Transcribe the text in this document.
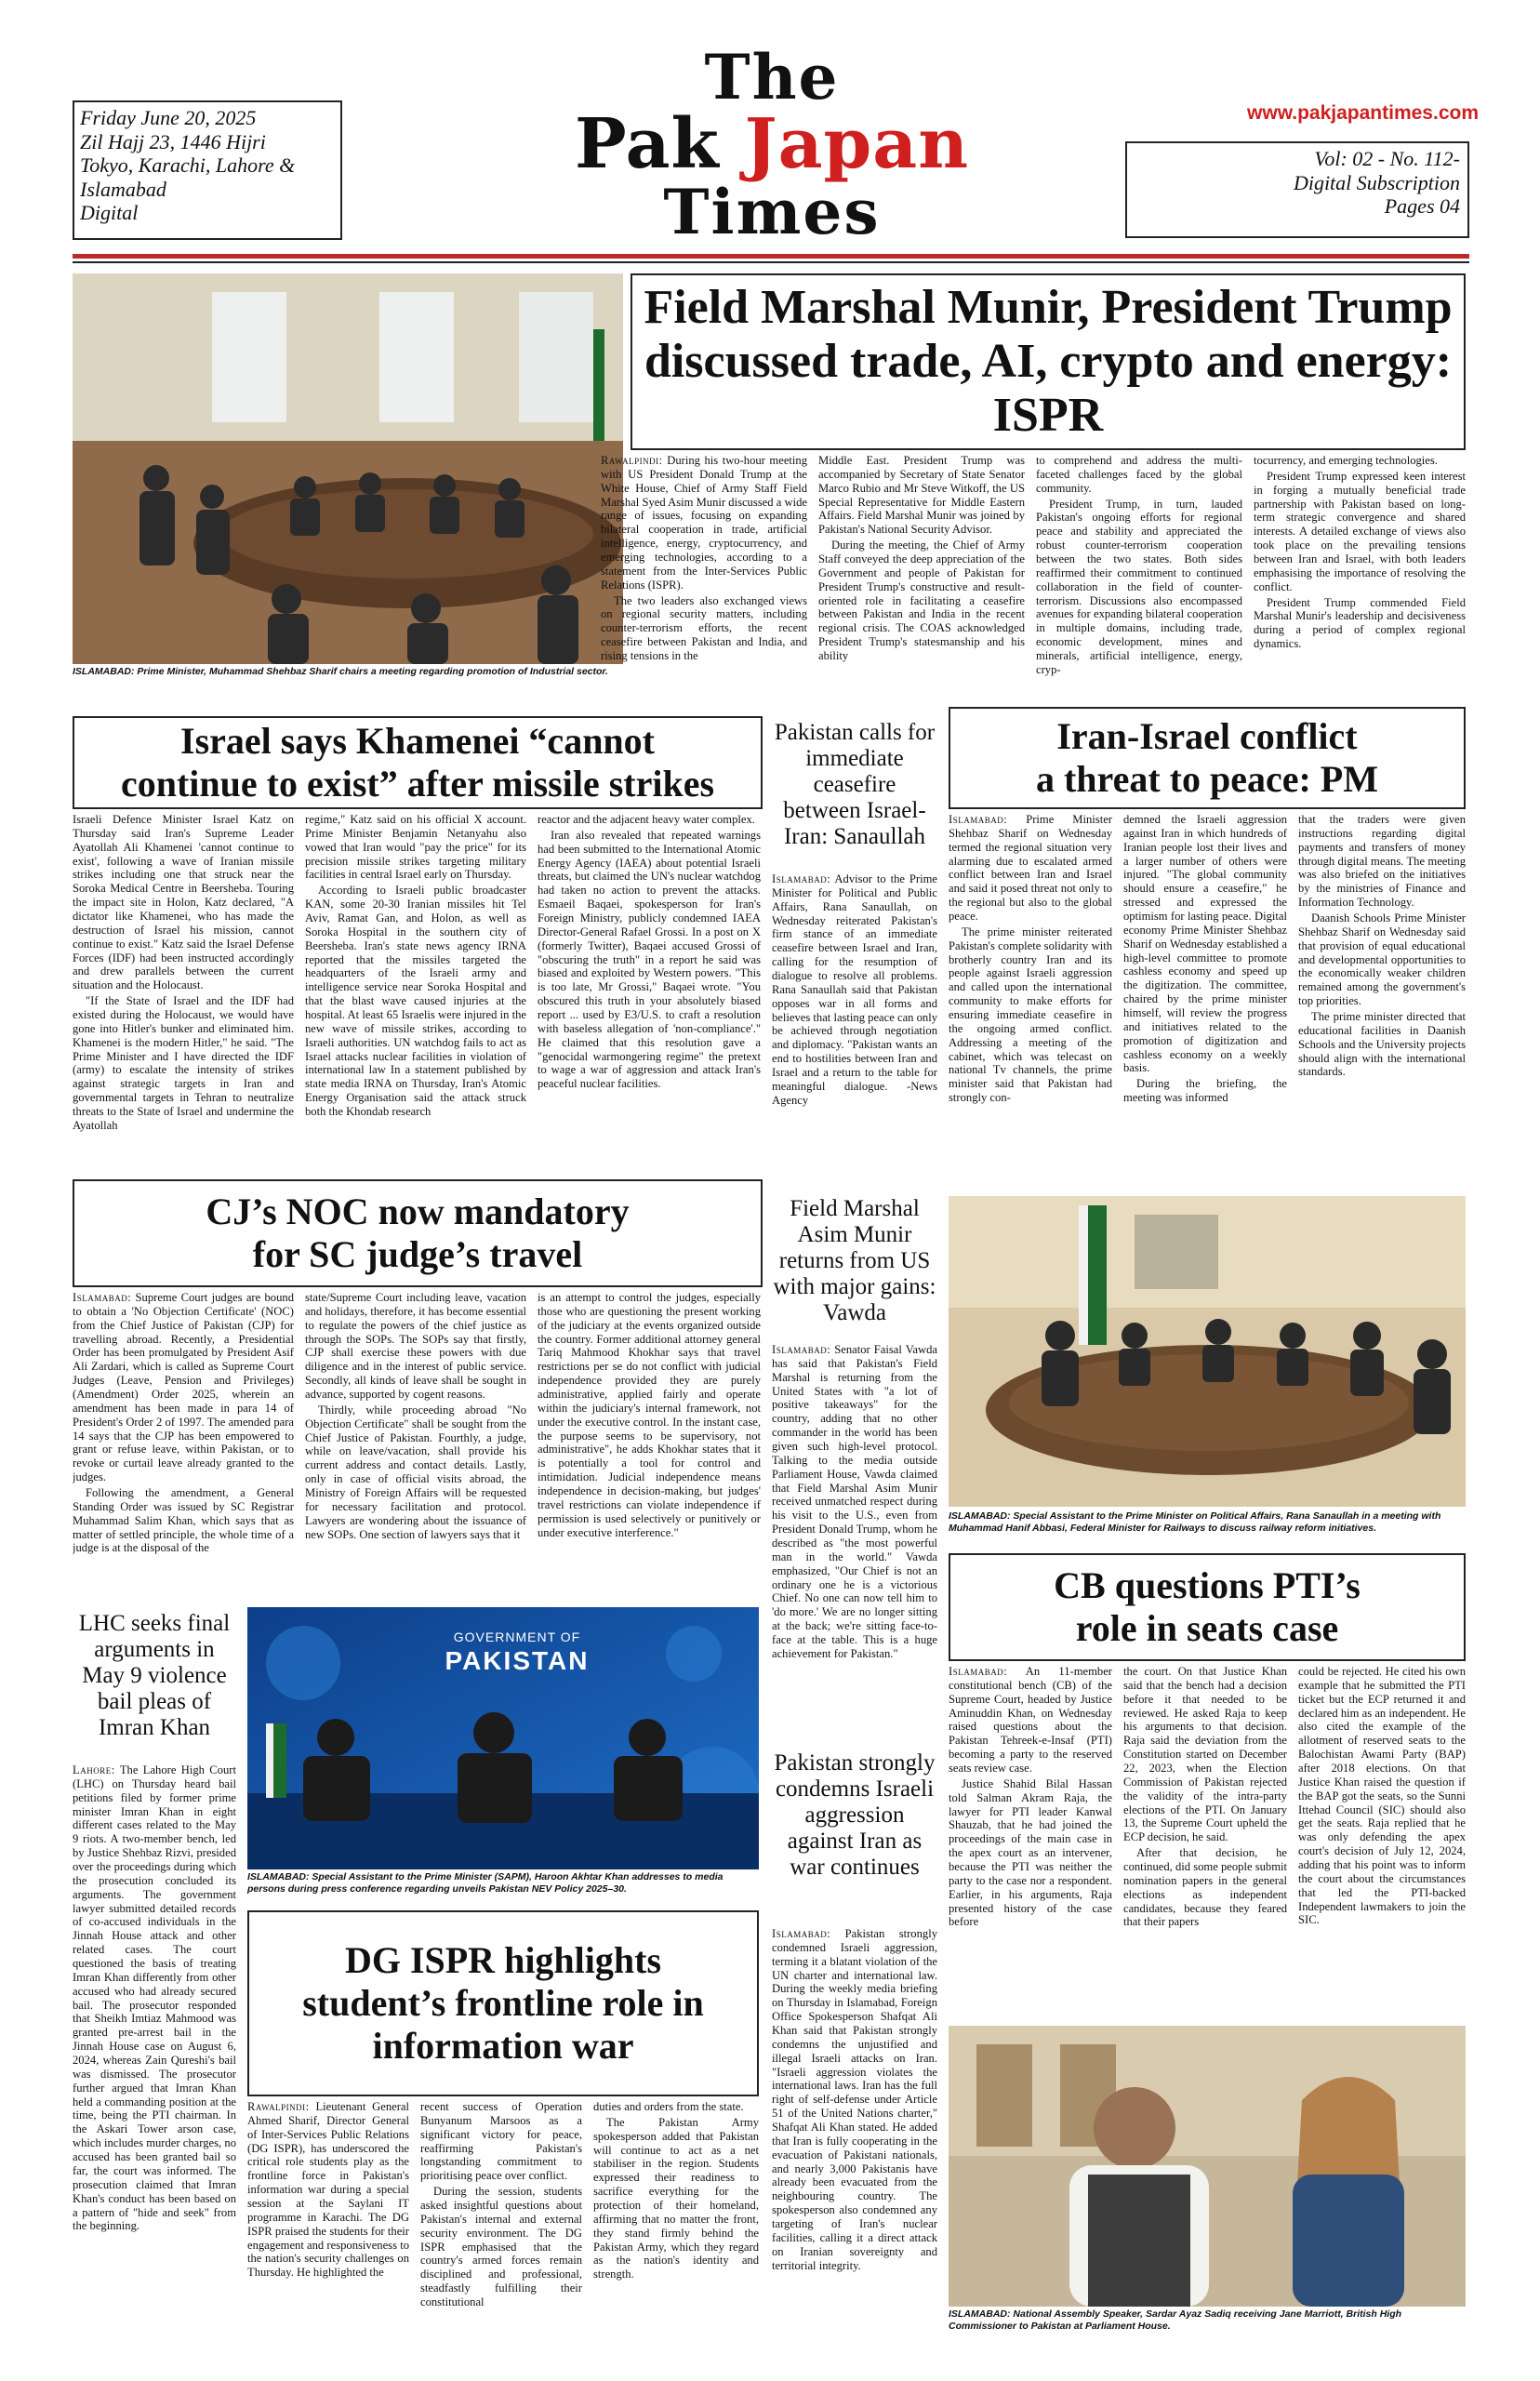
Friday June 20, 2025
Zil Hajj 23, 1446 Hijri
Tokyo, Karachi, Lahore &
Islamabad
Digital
The
Pak Japan
Times
www.pakjapantimes.com
Vol: 02 - No. 112-
Digital Subscription
Pages 04
ISLAMABAD: Prime Minister, Muhammad Shehbaz Sharif chairs a meeting regarding promotion of Industrial sector.
Field Marshal Munir, President Trump discussed trade, AI, crypto and energy: ISPR

Rawalpindi: During his two-hour meeting with US President Donald Trump at the White House, Chief of Army Staff Field Marshal Syed Asim Munir discussed a wide range of issues, focusing on expanding bilateral cooperation in trade, artificial intelligence, energy, cryptocurrency, and emerging technologies, according to a statement from the Inter-Services Public Relations (ISPR).

The two leaders also exchanged views on regional security matters, including counter-terrorism efforts, the recent ceasefire between Pakistan and India, and rising tensions in the

Middle East. President Trump was accompanied by Secretary of State Senator Marco Rubio and Mr Steve Witkoff, the US Special Representative for Middle Eastern Affairs. Field Marshal Munir was joined by Pakistan's National Security Advisor.

During the meeting, the Chief of Army Staff conveyed the deep appreciation of the Government and people of Pakistan for President Trump's constructive and result-oriented role in facilitating a ceasefire between Pakistan and India in the recent regional crisis. The COAS acknowledged President Trump's statesmanship and his ability

to comprehend and address the multi-faceted challenges faced by the global community.

President Trump, in turn, lauded Pakistan's ongoing efforts for regional peace and stability and appreciated the robust counter-terrorism cooperation between the two states. Both sides reaffirmed their commitment to continued collaboration in the field of counter-terrorism. Discussions also encompassed avenues for expanding bilateral cooperation in multiple domains, including trade, economic development, mines and minerals, artificial intelligence, energy, cryp-

tocurrency, and emerging technologies.

President Trump expressed keen interest in forging a mutually beneficial trade partnership with Pakistan based on long-term strategic convergence and shared interests. A detailed exchange of views also took place on the prevailing tensions between Iran and Israel, with both leaders emphasising the importance of resolving the conflict.

President Trump commended Field Marshal Munir's leadership and decisiveness during a period of complex regional dynamics.

Israel says Khamenei “cannot
continue to exist” after missile strikes

Israeli Defence Minister Israel Katz on Thursday said Iran's Supreme Leader Ayatollah Ali Khamenei 'cannot continue to exist', following a wave of Iranian missile strikes including one that struck near the Soroka Medical Centre in Beersheba. Touring the impact site in Holon, Katz declared, "A dictator like Khamenei, who has made the destruction of Israel his mission, cannot continue to exist." Katz said the Israel Defense Forces (IDF) had been instructed accordingly and drew parallels between the current situation and the Holocaust.

"If the State of Israel and the IDF had existed during the Holocaust, we would have gone into Hitler's bunker and eliminated him. Khamenei is the modern Hitler," he said. "The Prime Minister and I have directed the IDF (army) to escalate the intensity of strikes against strategic targets in Iran and governmental targets in Tehran to neutralize threats to the State of Israel and undermine the Ayatollah

regime," Katz said on his official X account. Prime Minister Benjamin Netanyahu also vowed that Iran would "pay the price" for its precision missile strikes targeting military facilities in central Israel early on Thursday.

According to Israeli public broadcaster KAN, some 20-30 Iranian missiles hit Tel Aviv, Ramat Gan, and Holon, as well as Soroka Hospital in the southern city of Beersheba. Iran's state news agency IRNA reported that the missiles targeted the headquarters of the Israeli army and intelligence service near Soroka Hospital and that the blast wave caused injuries at the hospital. At least 65 Israelis were injured in the new wave of missile strikes, according to Israeli authorities. UN watchdog fails to act as Israel attacks nuclear facilities in violation of international law In a statement published by state media IRNA on Thursday, Iran's Atomic Energy Organisation said the attack struck both the Khondab research

reactor and the adjacent heavy water complex.

Iran also revealed that repeated warnings had been submitted to the International Atomic Energy Agency (IAEA) about potential Israeli threats, but claimed the UN's nuclear watchdog had taken no action to prevent the attacks. Esmaeil Baqaei, spokesperson for Iran's Foreign Ministry, publicly condemned IAEA Director-General Rafael Grossi. In a post on X (formerly Twitter), Baqaei accused Grossi of "obscuring the truth" in a report he said was biased and exploited by Western powers. "This is too late, Mr Grossi," Baqaei wrote. "You obscured this truth in your absolutely biased report ... used by E3/U.S. to craft a resolution with baseless allegation of 'non-compliance'." He claimed that this resolution gave a "genocidal warmongering regime" the pretext to wage a war of aggression and attack Iran's peaceful nuclear facilities.

Pakistan calls for immediate ceasefire between Israel-Iran: Sanaullah

Islamabad: Advisor to the Prime Minister for Political and Public Affairs, Rana Sanaullah, on Wednesday reiterated Pakistan's firm stance of an immediate ceasefire between Israel and Iran, calling for the resumption of dialogue to resolve all problems. Rana Sanaullah said that Pakistan opposes war in all forms and believes that lasting peace can only be achieved through negotiation and diplomacy. "Pakistan wants an end to hostilities between Iran and Israel and a return to the table for meaningful dialogue. -News Agency

Iran-Israel conflict
a threat to peace: PM

Islamabad: Prime Minister Shehbaz Sharif on Wednesday termed the regional situation very alarming due to escalated armed conflict between Iran and Israel and said it posed threat not only to the regional but also to the global peace.

The prime minister reiterated Pakistan's complete solidarity with brotherly country Iran and its people against Israeli aggression and called upon the international community to make efforts for ensuring immediate ceasefire in the ongoing armed conflict. Addressing a meeting of the cabinet, which was telecast on national Tv channels, the prime minister said that Pakistan had strongly con-

demned the Israeli aggression against Iran in which hundreds of Iranian people lost their lives and a larger number of others were injured. "The global community should ensure a ceasefire," he stressed and expressed the optimism for lasting peace. Digital economy Prime Minister Shehbaz Sharif on Wednesday established a high-level committee to promote cashless economy and speed up the digitization. The committee, chaired by the prime minister himself, will review the progress and initiatives related to the promotion of digitization and cashless economy on a weekly basis.

During the briefing, the meeting was informed

that the traders were given instructions regarding digital payments and transfers of money through digital means. The meeting was also briefed on the initiatives by the ministries of Finance and Information Technology.

Daanish Schools Prime Minister Shehbaz Sharif on Wednesday said that provision of equal educational and developmental opportunities to the economically weaker children remained among the government's top priorities.

The prime minister directed that educational facilities in Daanish Schools and the University projects should align with the international standards.

CJ’s NOC now mandatory
for SC judge’s travel

Islamabad: Supreme Court judges are bound to obtain a 'No Objection Certificate' (NOC) from the Chief Justice of Pakistan (CJP) for travelling abroad. Recently, a Presidential Order has been promulgated by President Asif Ali Zardari, which is called as Supreme Court Judges (Leave, Pension and Privileges) (Amendment) Order 2025, wherein an amendment has been made in para 14 of President's Order 2 of 1997. The amended para 14 says that the CJP has been empowered to grant or refuse leave, within Pakistan, or to revoke or curtail leave already granted to the judges.

Following the amendment, a General Standing Order was issued by SC Registrar Muhammad Salim Khan, which says that as matter of settled principle, the whole time of a judge is at the disposal of the

state/Supreme Court including leave, vacation and holidays, therefore, it has become essential to regulate the powers of the chief justice as through the SOPs. The SOPs say that firstly, CJP shall exercise these powers with due diligence and in the interest of public service. Secondly, all kinds of leave shall be sought in advance, supported by cogent reasons.

Thirdly, while proceeding abroad "No Objection Certificate" shall be sought from the Chief Justice of Pakistan. Fourthly, a judge, while on leave/vacation, shall provide his current address and contact details. Lastly, only in case of official visits abroad, the Ministry of Foreign Affairs will be requested for necessary facilitation and protocol. Lawyers are wondering about the issuance of new SOPs. One section of lawyers says that it

is an attempt to control the judges, especially those who are questioning the present working of the judiciary at the events organized outside the country. Former additional attorney general Tariq Mahmood Khokhar says that travel restrictions per se do not conflict with judicial independence provided they are purely administrative, applied fairly and operate within the judiciary's internal framework, not under the executive control. In the instant case, the purpose seems to be supervisory, not administrative", he adds Khokhar states that it is potentially a tool for control and intimidation. Judicial independence means independence in decision-making, but judges' travel restrictions can violate independence if permission is used selectively or punitively or under executive interference."

Field Marshal Asim Munir returns from US with major gains: Vawda

Islamabad: Senator Faisal Vawda has said that Pakistan's Field Marshal is returning from the United States with "a lot of positive takeaways" for the country, adding that no other commander in the world has been given such high-level protocol. Talking to the media outside Parliament House, Vawda claimed that Field Marshal Asim Munir received unmatched respect during his visit to the U.S., even from President Donald Trump, whom he described as "the most powerful man in the world." Vawda emphasized, "Our Chief is not an ordinary one he is a victorious Chief. No one can now tell him to 'do more.' We are no longer sitting at the back; we're sitting face-to-face at the table. This is a huge achievement for Pakistan."

ISLAMABAD: Special Assistant to the Prime Minister on Political Affairs, Rana Sanaullah in a meeting with Muhammad Hanif Abbasi, Federal Minister for Railways to discuss railway reform initiatives.
CB questions PTI’s
role in seats case

Islamabad: An 11-member constitutional bench (CB) of the Supreme Court, headed by Justice Aminuddin Khan, on Wednesday raised questions about the Pakistan Tehreek-e-Insaf (PTI) becoming a party to the reserved seats review case.

Justice Shahid Bilal Hassan told Salman Akram Raja, the lawyer for PTI leader Kanwal Shauzab, that he had joined the proceedings of the main case in the apex court as an intervener, because the PTI was neither the party to the case nor a respondent. Earlier, in his arguments, Raja presented history of the case before

the court. On that Justice Khan said that the bench had a decision before it that needed to be reviewed. He asked Raja to keep his arguments to that decision. Raja said the deviation from the Constitution started on December 22, 2023, when the Election Commission of Pakistan rejected the validity of the intra-party elections of the PTI. On January 13, the Supreme Court upheld the ECP decision, he said.

After that decision, he continued, did some people submit nomination papers in the general elections as independent candidates, because they feared that their papers

could be rejected. He cited his own example that he submitted the PTI ticket but the ECP returned it and declared him as an independent. He also cited the example of the allotment of reserved seats to the Balochistan Awami Party (BAP) after 2018 elections. On that Justice Khan raised the question if the BAP got the seats, so the Sunni Ittehad Council (SIC) should also get the seats. Raja replied that he was only defending the apex court's decision of July 12, 2024, adding that his point was to inform the court about the circumstances that led the PTI-backed Independent lawmakers to join the SIC.

LHC seeks final arguments in May 9 violence bail pleas of Imran Khan

Lahore: The Lahore High Court (LHC) on Thursday heard bail petitions filed by former prime minister Imran Khan in eight different cases related to the May 9 riots. A two-member bench, led by Justice Shehbaz Rizvi, presided over the proceedings during which the prosecution concluded its arguments. The government lawyer submitted detailed records of co-accused individuals in the Jinnah House attack and other related cases. The court questioned the basis of treating Imran Khan differently from other accused who had already secured bail. The prosecutor responded that Sheikh Imtiaz Mahmood was granted pre-arrest bail in the Jinnah House case on August 6, 2024, whereas Zain Qureshi's bail was dismissed. The prosecutor further argued that Imran Khan held a commanding position at the time, being the PTI chairman. In the Askari Tower arson case, which includes murder charges, no accused has been granted bail so far, the court was informed. The prosecution claimed that Imran Khan's conduct has been based on a pattern of "hide and seek" from the beginning.

GOVERNMENT OF
PAKISTAN
ISLAMABAD: Special Assistant to the Prime Minister (SAPM), Haroon Akhtar Khan addresses to media persons during press conference regarding unveils Pakistan NEV Policy 2025–30.
Pakistan strongly condemns Israeli aggression against Iran as war continues

Islamabad: Pakistan strongly condemned Israeli aggression, terming it a blatant violation of the UN charter and international law. During the weekly media briefing on Thursday in Islamabad, Foreign Office Spokesperson Shafqat Ali Khan said that Pakistan strongly condemns the unjustified and illegal Israeli attacks on Iran. "Israeli aggression violates the international laws. Iran has the full right of self-defense under Article 51 of the United Nations charter," Shafqat Ali Khan stated. He added that Iran is fully cooperating in the evacuation of Pakistani nationals, and nearly 3,000 Pakistanis have already been evacuated from the neighbouring country. The spokesperson also condemned any targeting of Iran's nuclear facilities, calling it a direct attack on Iranian sovereignty and territorial integrity.

DG ISPR highlights
student’s frontline role in
information war

Rawalpindi: Lieutenant General Ahmed Sharif, Director General of Inter-Services Public Relations (DG ISPR), has underscored the critical role students play as the frontline force in Pakistan's information war during a special session at the Saylani IT programme in Karachi. The DG ISPR praised the students for their engagement and responsiveness to the nation's security challenges on Thursday. He highlighted the

recent success of Operation Bunyanum Marsoos as a significant victory for peace, reaffirming Pakistan's longstanding commitment to prioritising peace over conflict.

During the session, students asked insightful questions about Pakistan's internal and external security environment. The DG ISPR emphasised that the country's armed forces remain disciplined and professional, steadfastly fulfilling their constitutional

duties and orders from the state.

The Pakistan Army spokesperson added that Pakistan will continue to act as a net stabiliser in the region. Students expressed their readiness to sacrifice everything for the protection of their homeland, affirming that no matter the front, they stand firmly behind the Pakistan Army, which they regard as the nation's identity and strength.

ISLAMABAD: National Assembly Speaker, Sardar Ayaz Sadiq receiving Jane Marriott, British High Commissioner to Pakistan at Parliament House.
